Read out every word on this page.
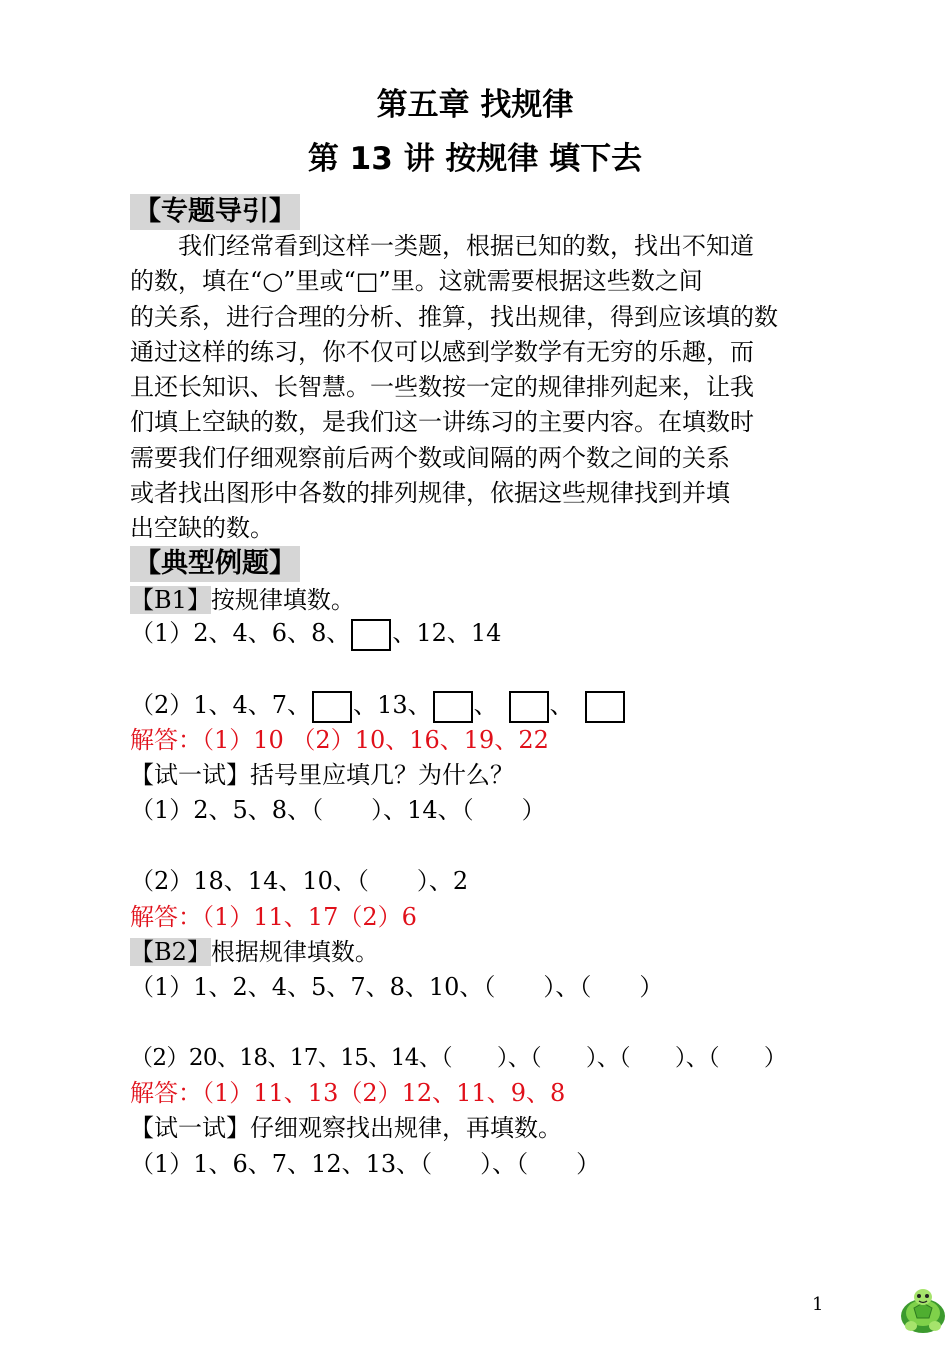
第五章 找规律
第 13 讲 按规律 填下去
【专题导引】
我们经常看到这样一类题，根据已知的数，找出不知道
的数，填在“○”里或“□”里。这就需要根据这些数之间
的关系，进行合理的分析、推算，找出规律，得到应该填的数
通过这样的练习，你不仅可以感到学数学有无穷的乐趣，而
且还长知识、长智慧。一些数按一定的规律排列起来，让我
们填上空缺的数，是我们这一讲练习的主要内容。在填数时
需要我们仔细观察前后两个数或间隔的两个数之间的关系
或者找出图形中各数的排列规律，依据这些规律找到并填
出空缺的数。
【典型例题】
【B1】按规律填数。
（1）2、4、6、8、 、12、14
（2）1、4、7、 、13、 、 、
解答：（1）10 （2）10、16、19、22
【试一试】括号里应填几？为什么？
（1）2、5、8、（　　）、14、（　　）
（2）18、14、10、（　　）、2
解答：（1）11、17（2）6
【B2】根据规律填数。
（1）1、2、4、5、7、8、10、（　　）、（　　）
（2）20、18、17、15、14、（　　）、（　　）、（　　）、（　　）
解答：（1）11、13（2）12、11、9、8
【试一试】仔细观察找出规律，再填数。
（1）1、6、7、12、13、（　　）、（　　）
1
